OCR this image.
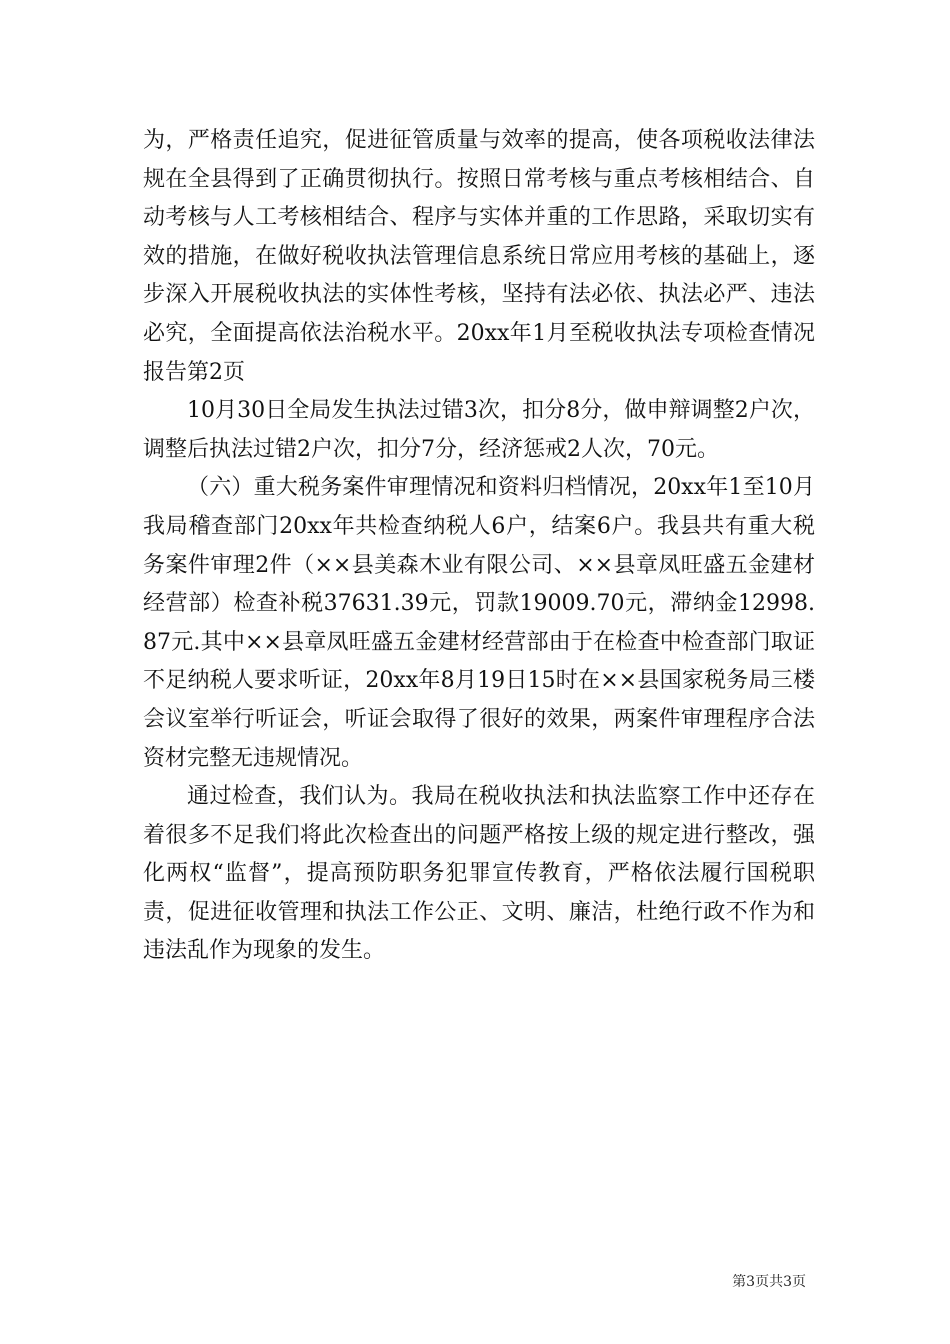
为，严格责任追究，促进征管质量与效率的提高，使各项税收法律法规在全县得到了正确贯彻执行。按照日常考核与重点考核相结合、自动考核与人工考核相结合、程序与实体并重的工作思路，采取切实有效的措施，在做好税收执法管理信息系统日常应用考核的基础上，逐步深入开展税收执法的实体性考核，坚持有法必依、执法必严、违法必究，全面提高依法治税水平。20xx年1月至税收执法专项检查情况报告第2页

10月30日全局发生执法过错3次，扣分8分，做申辩调整2户次，调整后执法过错2户次，扣分7分，经济惩戒2人次，70元。

（六）重大税务案件审理情况和资料归档情况，20xx年1至10月我局稽查部门20xx年共检查纳税人6户，结案6户。我县共有重大税务案件审理2件（××县美森木业有限公司、××县章凤旺盛五金建材经营部）检查补税37631.39元，罚款19009.70元，滞纳金12998.87元.其中××县章凤旺盛五金建材经营部由于在检查中检查部门取证不足纳税人要求听证，20xx年8月19日15时在××县国家税务局三楼会议室举行听证会，听证会取得了很好的效果，两案件审理程序合法资材完整无违规情况。

通过检查，我们认为。我局在税收执法和执法监察工作中还存在着很多不足我们将此次检查出的问题严格按上级的规定进行整改，强化两权“监督”，提高预防职务犯罪宣传教育，严格依法履行国税职责，促进征收管理和执法工作公正、文明、廉洁，杜绝行政不作为和违法乱作为现象的发生。

第3页共3页
